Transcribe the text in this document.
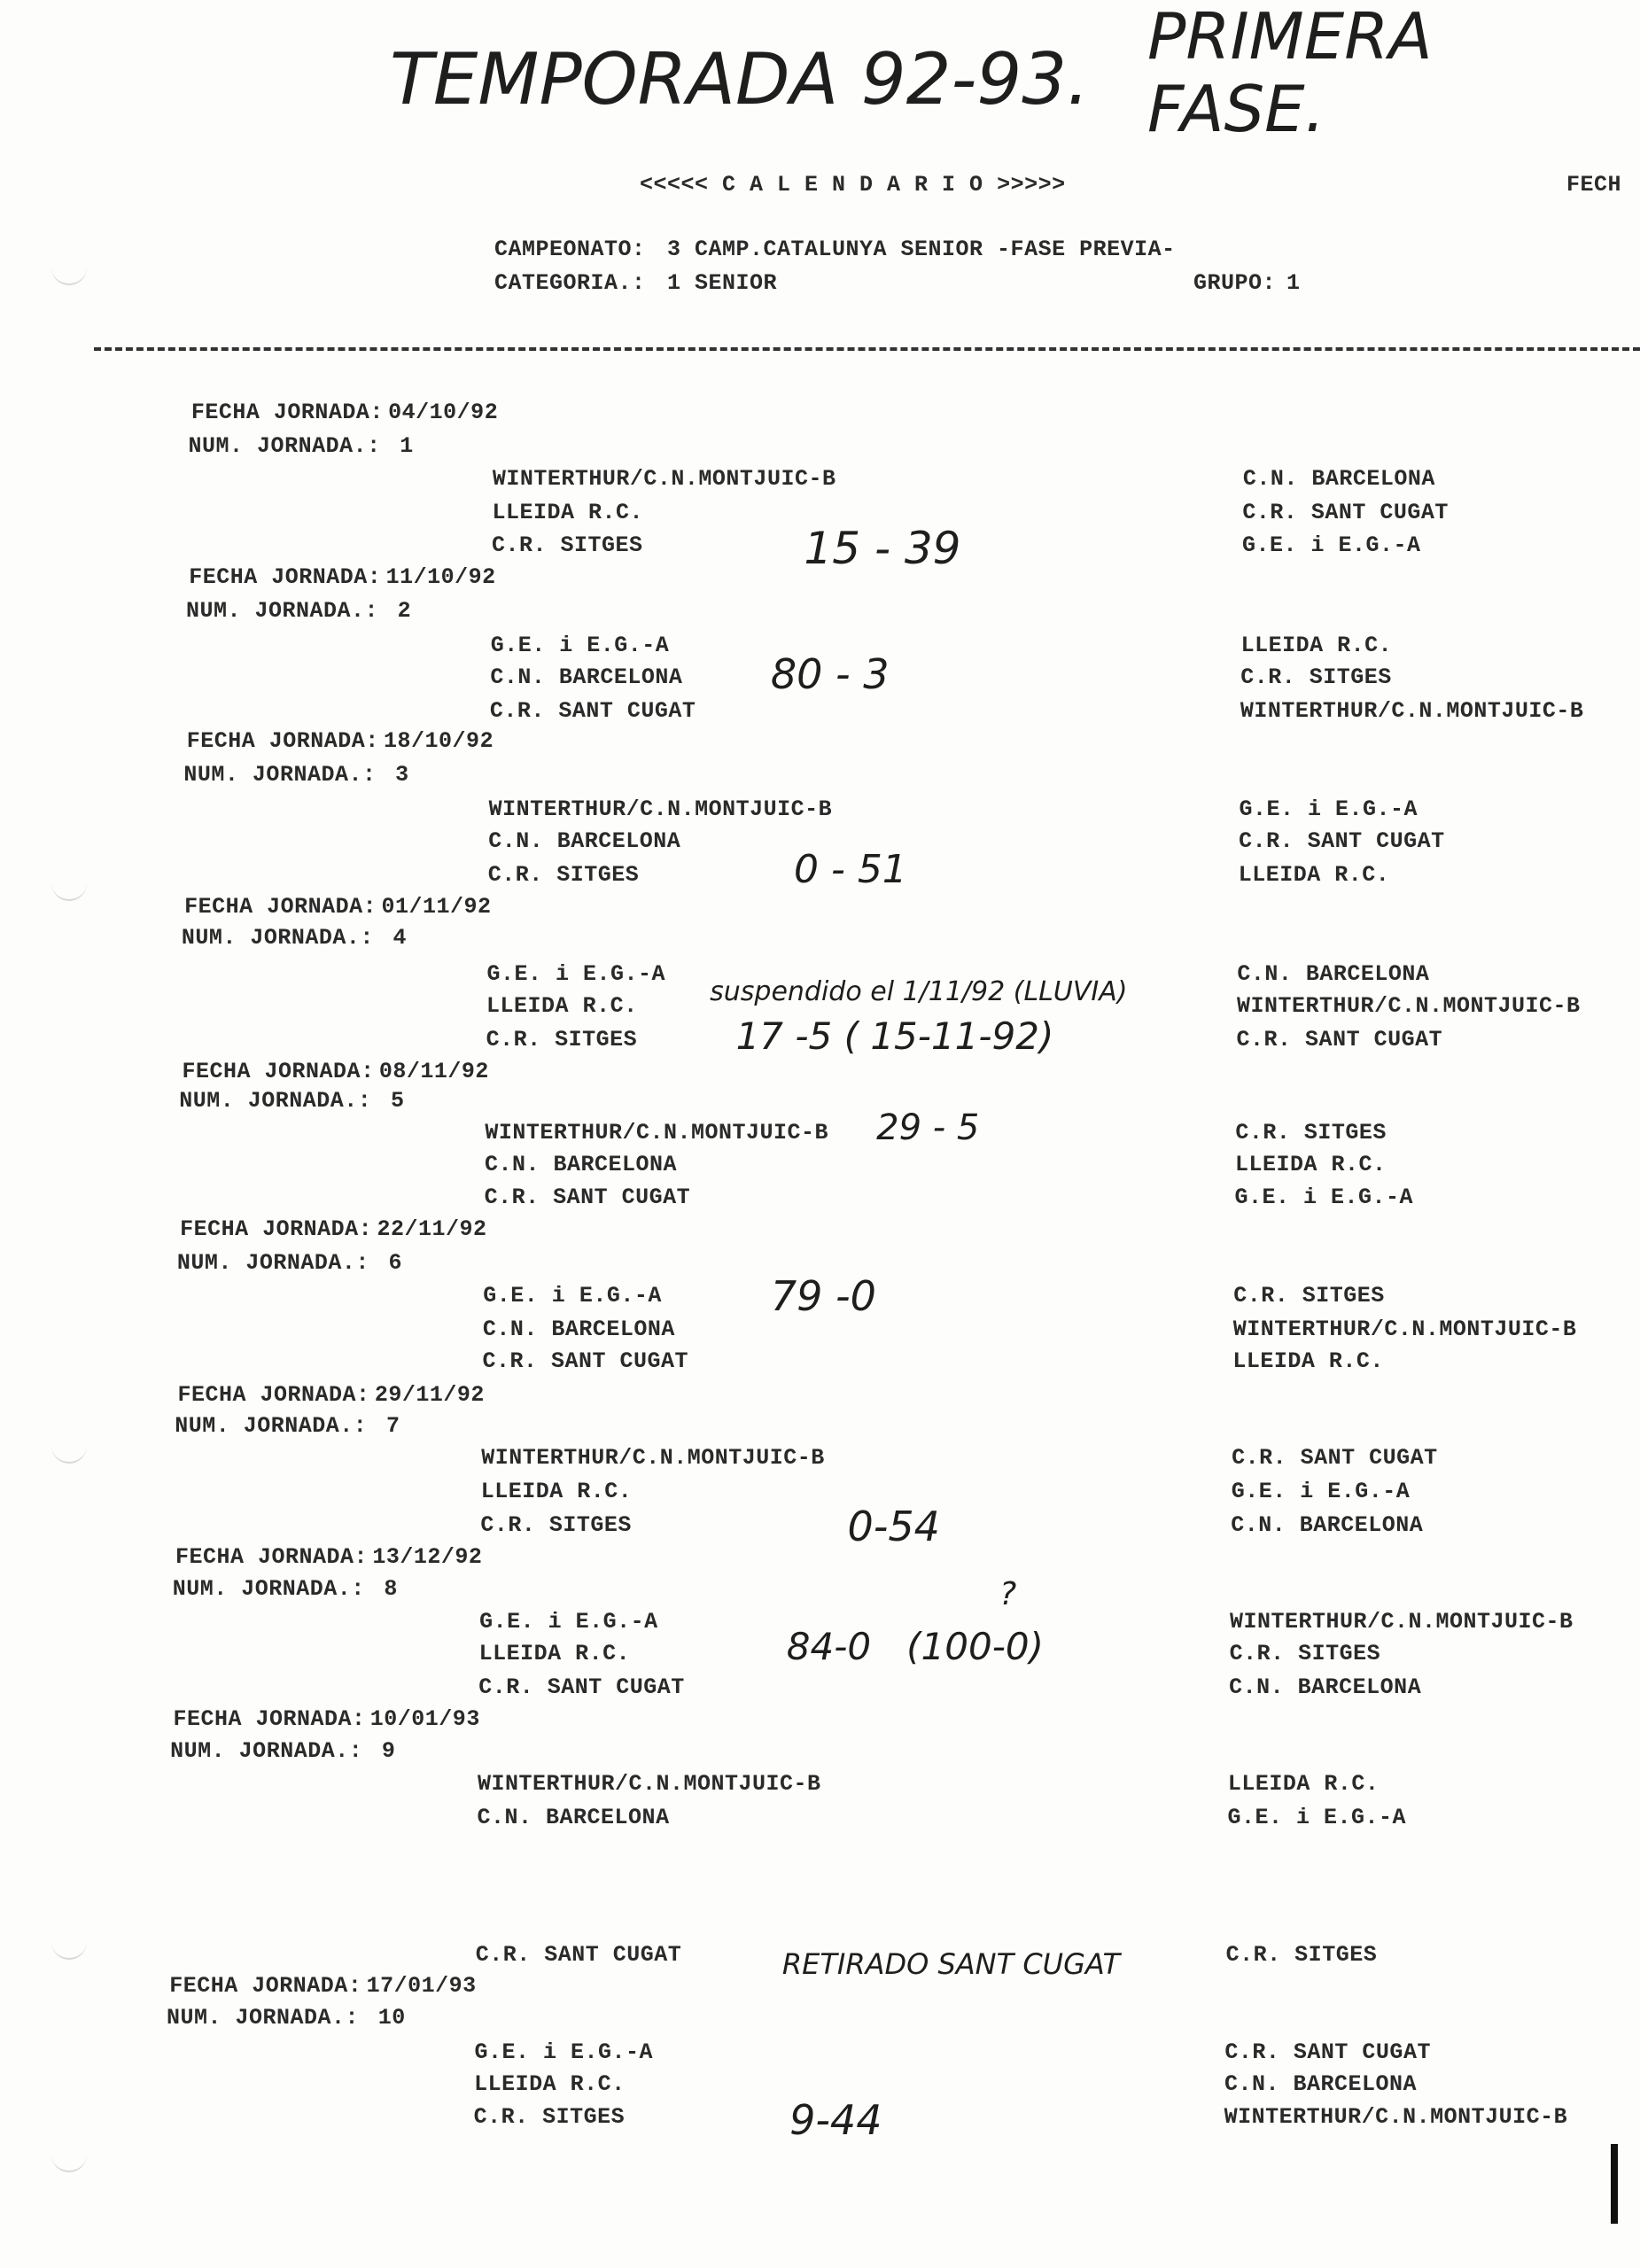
TEMPORADA 92-93.
PRIMERA
FASE.
<<<<< C A L E N D A R I O >>>>>	FECH
CAMPEONATO: 3 CAMP.CATALUNYA SENIOR -FASE PREVIA-
CATEGORIA.: 1 SENIOR	GRUPO: 1
FECHA JORNADA: 04/10/92
NUM. JORNADA.: 1
WINTERTHUR/C.N.MONTJUIC-B	C.N. BARCELONA
LLEIDA R.C.	C.R. SANT CUGAT
C.R. SITGES	G.E. i E.G.-A
15 - 39
FECHA JORNADA: 11/10/92
NUM. JORNADA.: 2
G.E. i E.G.-A	LLEIDA R.C.
C.N. BARCELONA	C.R. SITGES
80 - 3
C.R. SANT CUGAT	WINTERTHUR/C.N.MONTJUIC-B
FECHA JORNADA: 18/10/92
NUM. JORNADA.: 3
WINTERTHUR/C.N.MONTJUIC-B	G.E. i E.G.-A
C.N. BARCELONA	C.R. SANT CUGAT
C.R. SITGES	LLEIDA R.C.
0 - 51
FECHA JORNADA: 01/11/92
NUM. JORNADA.: 4
G.E. i E.G.-A	C.N. BARCELONA
LLEIDA R.C.	WINTERTHUR/C.N.MONTJUIC-B
suspendido el 1/11/92 (LLUVIA)
C.R. SITGES	C.R. SANT CUGAT
17 -5 ( 15-11-92)
FECHA JORNADA: 08/11/92
NUM. JORNADA.: 5
WINTERTHUR/C.N.MONTJUIC-B	C.R. SITGES
29 - 5
C.N. BARCELONA	LLEIDA R.C.
C.R. SANT CUGAT	G.E. i E.G.-A
FECHA JORNADA: 22/11/92
NUM. JORNADA.: 6
G.E. i E.G.-A	C.R. SITGES
79 -0
C.N. BARCELONA	WINTERTHUR/C.N.MONTJUIC-B
C.R. SANT CUGAT	LLEIDA R.C.
FECHA JORNADA: 29/11/92
NUM. JORNADA.: 7
WINTERTHUR/C.N.MONTJUIC-B	C.R. SANT CUGAT
LLEIDA R.C.	G.E. i E.G.-A
C.R. SITGES	C.N. BARCELONA
0-54
FECHA JORNADA: 13/12/92
NUM. JORNADA.: 8
G.E. i E.G.-A	WINTERTHUR/C.N.MONTJUIC-B
LLEIDA R.C.	C.R. SITGES
84-0   (100-0)
C.R. SANT CUGAT	C.N. BARCELONA
FECHA JORNADA: 10/01/93
NUM. JORNADA.: 9
WINTERTHUR/C.N.MONTJUIC-B	LLEIDA R.C.
C.N. BARCELONA	G.E. i E.G.-A
C.R. SANT CUGAT	C.R. SITGES
RETIRADO SANT CUGAT
FECHA JORNADA: 17/01/93
NUM. JORNADA.: 10
G.E. i E.G.-A	C.R. SANT CUGAT
LLEIDA R.C.	C.N. BARCELONA
C.R. SITGES	WINTERTHUR/C.N.MONTJUIC-B
9-44
?
